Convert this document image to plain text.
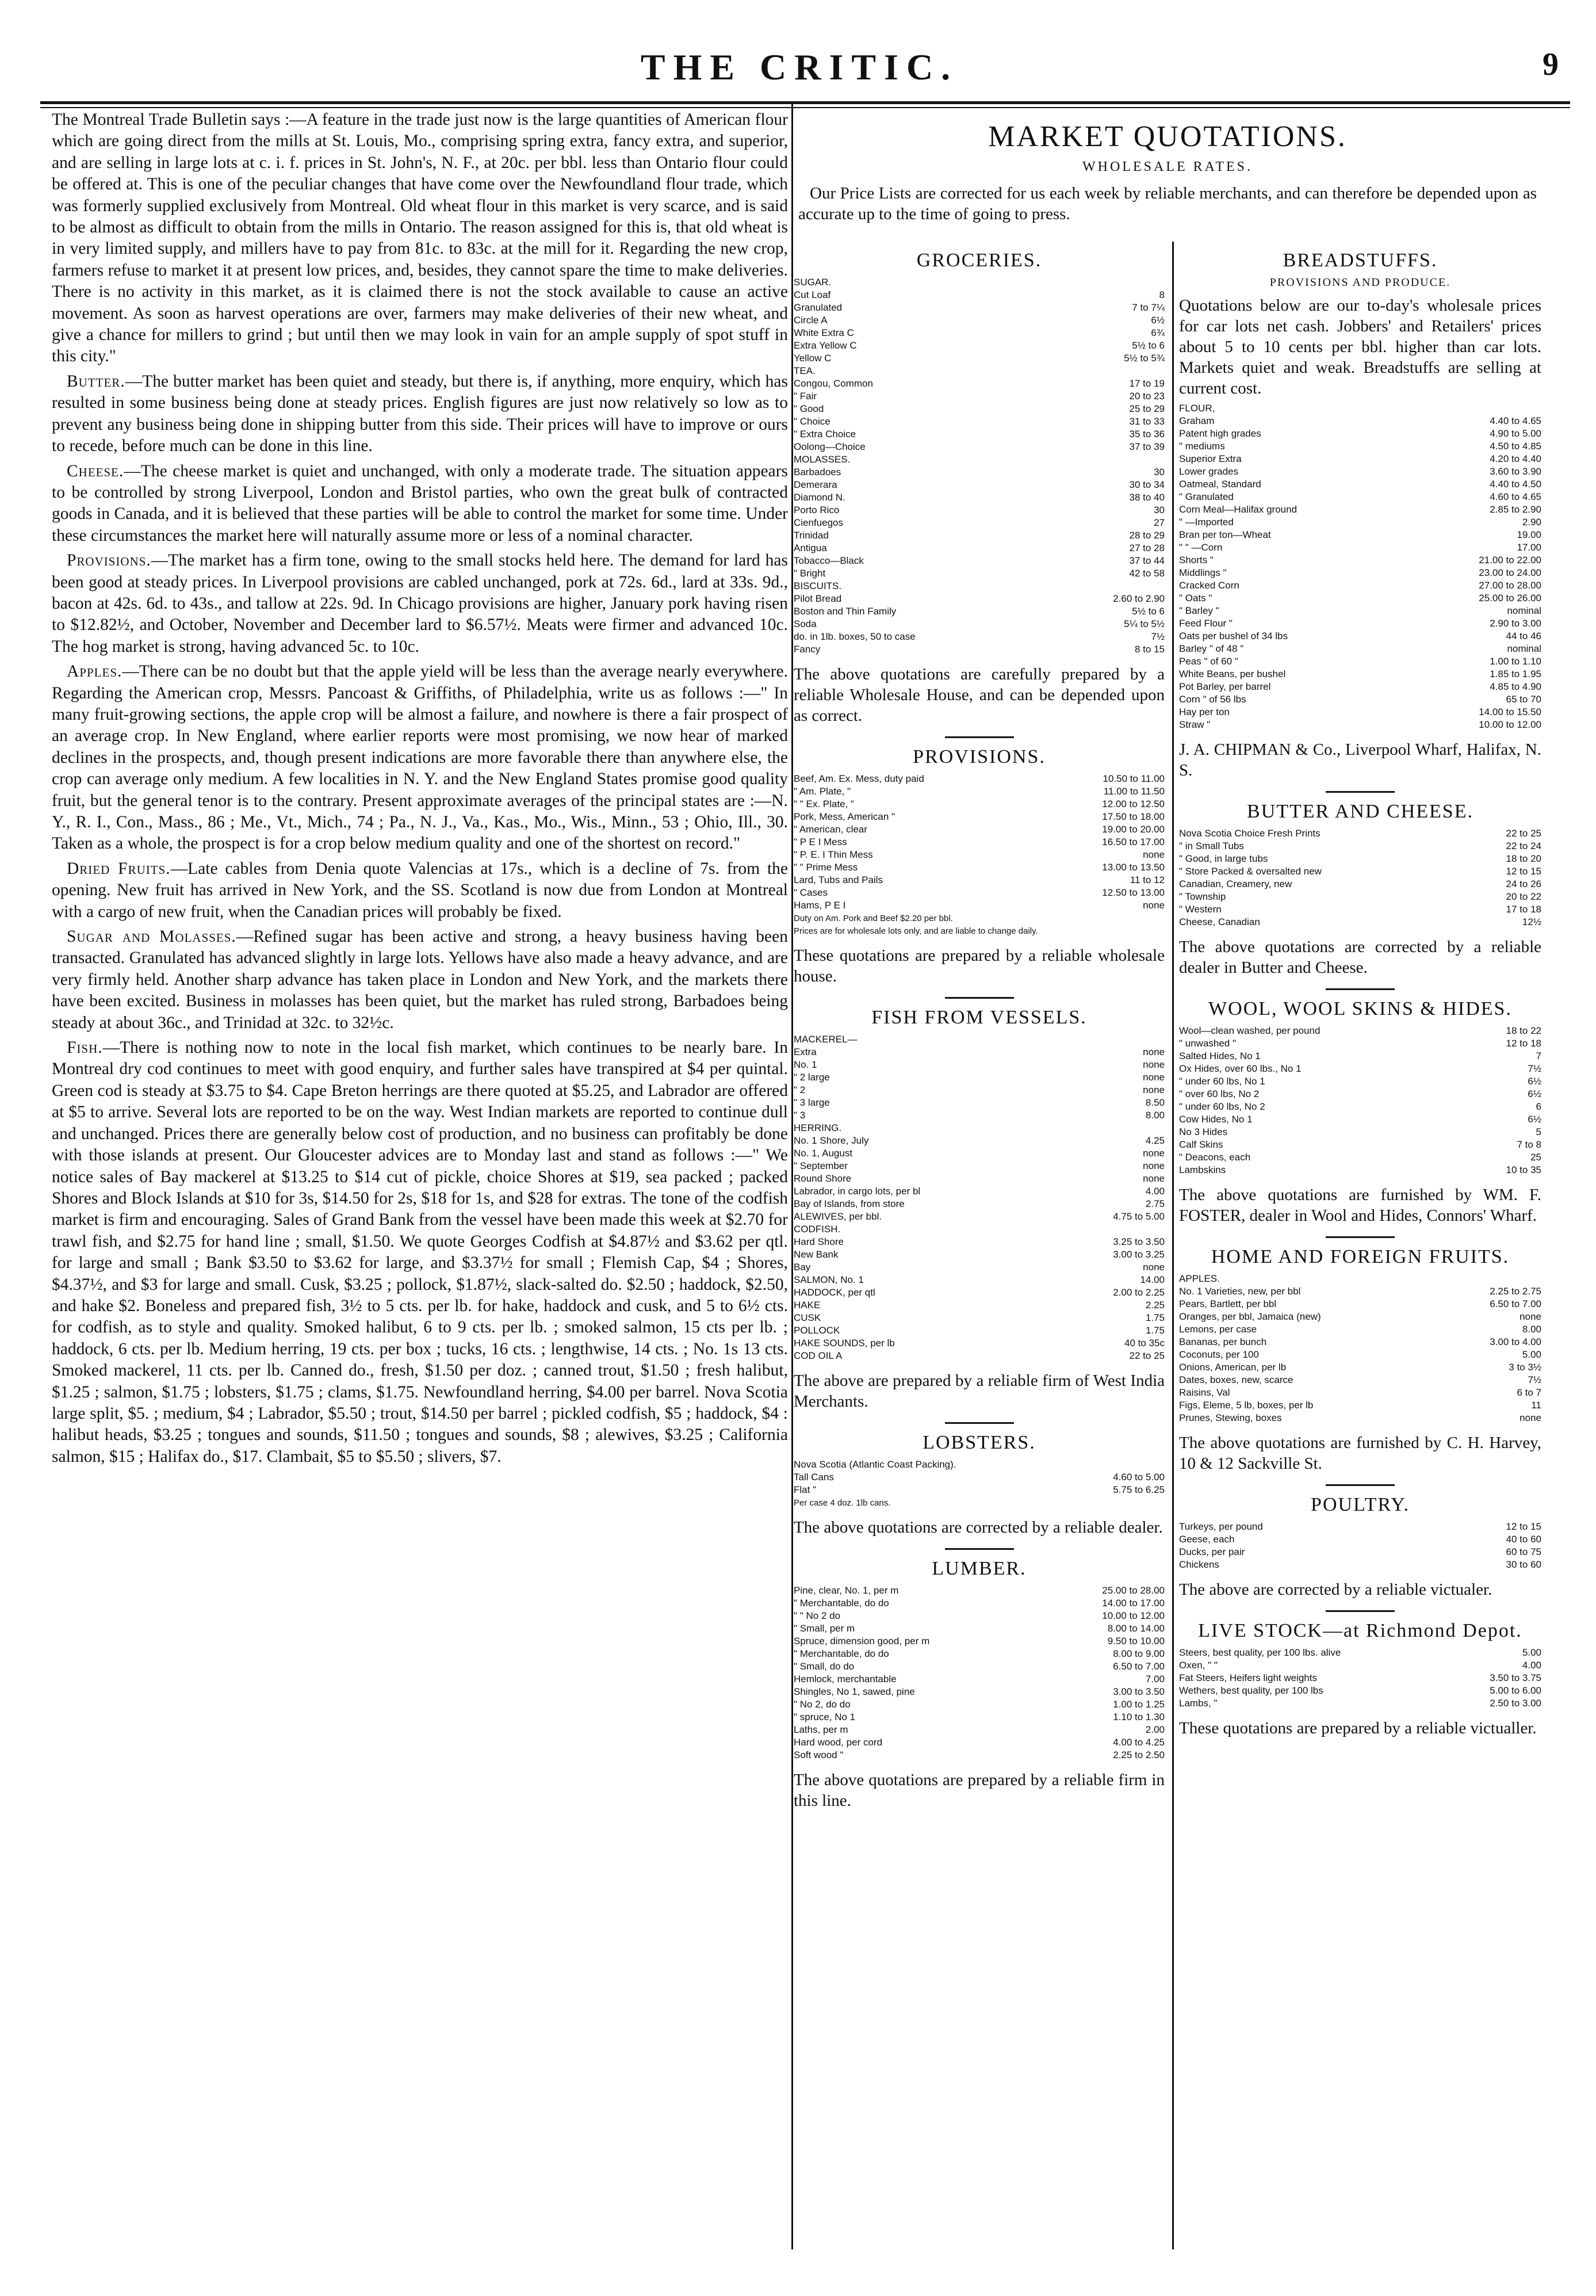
THE CRITIC.	9

The Montreal Trade Bulletin says :—A feature in the trade just now is the large quantities of American flour which are going direct from the mills at St. Louis, Mo., comprising spring extra, fancy extra, and superior, and are selling in large lots at c. i. f. prices in St. John's, N. F., at 20c. per bbl. less than Ontario flour could be offered at. This is one of the peculiar changes that have come over the Newfoundland flour trade, which was formerly supplied exclusively from Montreal. Old wheat flour in this market is very scarce, and is said to be almost as difficult to obtain from the mills in Ontario. The reason assigned for this is, that old wheat is in very limited supply, and millers have to pay from 81c. to 83c. at the mill for it. Regarding the new crop, farmers refuse to market it at present low prices, and, besides, they cannot spare the time to make deliveries. There is no activity in this market, as it is claimed there is not the stock available to cause an active movement. As soon as harvest operations are over, farmers may make deliveries of their new wheat, and give a chance for millers to grind ; but until then we may look in vain for an ample supply of spot stuff in this city."

Butter.—The butter market has been quiet and steady, but there is, if anything, more enquiry, which has resulted in some business being done at steady prices. English figures are just now relatively so low as to prevent any business being done in shipping butter from this side. Their prices will have to improve or ours to recede, before much can be done in this line.

Cheese.—The cheese market is quiet and unchanged, with only a moderate trade. The situation appears to be controlled by strong Liverpool, London and Bristol parties, who own the great bulk of contracted goods in Canada, and it is believed that these parties will be able to control the market for some time. Under these circumstances the market here will naturally assume more or less of a nominal character.

Provisions.—The market has a firm tone, owing to the small stocks held here. The demand for lard has been good at steady prices. In Liverpool provisions are cabled unchanged, pork at 72s. 6d., lard at 33s. 9d., bacon at 42s. 6d. to 43s., and tallow at 22s. 9d. In Chicago provisions are higher, January pork having risen to $12.82½, and October, November and December lard to $6.57½. Meats were firmer and advanced 10c. The hog market is strong, having advanced 5c. to 10c.

Apples.—There can be no doubt but that the apple yield will be less than the average nearly everywhere. Regarding the American crop, Messrs. Pancoast & Griffiths, of Philadelphia, write us as follows :—" In many fruit-growing sections, the apple crop will be almost a failure, and nowhere is there a fair prospect of an average crop. In New England, where earlier reports were most promising, we now hear of marked declines in the prospects, and, though present indications are more favorable there than anywhere else, the crop can average only medium. A few localities in N. Y. and the New England States promise good quality fruit, but the general tenor is to the contrary. Present approximate averages of the principal states are :—N. Y., R. I., Con., Mass., 86 ; Me., Vt., Mich., 74 ; Pa., N. J., Va., Kas., Mo., Wis., Minn., 53 ; Ohio, Ill., 30. Taken as a whole, the prospect is for a crop below medium quality and one of the shortest on record."

Dried Fruits.—Late cables from Denia quote Valencias at 17s., which is a decline of 7s. from the opening. New fruit has arrived in New York, and the SS. Scotland is now due from London at Montreal with a cargo of new fruit, when the Canadian prices will probably be fixed.

Sugar and Molasses.—Refined sugar has been active and strong, a heavy business having been transacted. Granulated has advanced slightly in large lots. Yellows have also made a heavy advance, and are very firmly held. Another sharp advance has taken place in London and New York, and the markets there have been excited. Business in molasses has been quiet, but the market has ruled strong, Barbadoes being steady at about 36c., and Trinidad at 32c. to 32½c.

Fish.—There is nothing now to note in the local fish market, which continues to be nearly bare. In Montreal dry cod continues to meet with good enquiry, and further sales have transpired at $4 per quintal. Green cod is steady at $3.75 to $4. Cape Breton herrings are there quoted at $5.25, and Labrador are offered at $5 to arrive. Several lots are reported to be on the way. West Indian markets are reported to continue dull and unchanged. Prices there are generally below cost of production, and no business can profitably be done with those islands at present. Our Gloucester advices are to Monday last and stand as follows :—" We notice sales of Bay mackerel at $13.25 to $14 cut of pickle, choice Shores at $19, sea packed ; packed Shores and Block Islands at $10 for 3s, $14.50 for 2s, $18 for 1s, and $28 for extras. The tone of the codfish market is firm and encouraging. Sales of Grand Bank from the vessel have been made this week at $2.70 for trawl fish, and $2.75 for hand line ; small, $1.50. We quote Georges Codfish at $4.87½ and $3.62 per qtl. for large and small ; Bank $3.50 to $3.62 for large, and $3.37½ for small ; Flemish Cap, $4 ; Shores, $4.37½, and $3 for large and small. Cusk, $3.25 ; pollock, $1.87½, slack-salted do. $2.50 ; haddock, $2.50, and hake $2. Boneless and prepared fish, 3½ to 5 cts. per lb. for hake, haddock and cusk, and 5 to 6½ cts. for codfish, as to style and quality. Smoked halibut, 6 to 9 cts. per lb. ; smoked salmon, 15 cts per lb. ; haddock, 6 cts. per lb. Medium herring, 19 cts. per box ; tucks, 16 cts. ; lengthwise, 14 cts. ; No. 1s 13 cts. Smoked mackerel, 11 cts. per lb. Canned do., fresh, $1.50 per doz. ; canned trout, $1.50 ; fresh halibut, $1.25 ; salmon, $1.75 ; lobsters, $1.75 ; clams, $1.75. Newfoundland herring, $4.00 per barrel. Nova Scotia large split, $5. ; medium, $4 ; Labrador, $5.50 ; trout, $14.50 per barrel ; pickled codfish, $5 ; haddock, $4 : halibut heads, $3.25 ; tongues and sounds, $11.50 ; tongues and sounds, $8 ; alewives, $3.25 ; California salmon, $15 ; Halifax do., $17. Clambait, $5 to $5.50 ; slivers, $7.

MARKET QUOTATIONS.
WHOLESALE RATES.
Our Price Lists are corrected for us each week by reliable merchants, and can therefore be depended upon as accurate up to the time of going to press.
GROCERIES.
SUGAR.	
Cut Loaf	8
Granulated	7 to 7¼
Circle A	6½
White Extra C	6¾
Extra Yellow C	5½ to 6
Yellow C	5½ to 5¾
TEA.	
Congou, Common	17 to 19
" Fair	20 to 23
" Good	25 to 29
" Choice	31 to 33
" Extra Choice	35 to 36
Oolong—Choice	37 to 39
MOLASSES.	
Barbadoes	30
Demerara	30 to 34
Diamond N.	38 to 40
Porto Rico	30
Cienfuegos	27
Trinidad	28 to 29
Antigua	27 to 28
Tobacco—Black	37 to 44
" Bright	42 to 58
BISCUITS.	
Pilot Bread	2.60 to 2.90
Boston and Thin Family	5½ to 6
Soda	5¼ to 5½
do. in 1lb. boxes, 50 to case	7½
Fancy	8 to 15
The above quotations are carefully prepared by a reliable Wholesale House, and can be depended upon as correct.
PROVISIONS.
Beef, Am. Ex. Mess, duty paid	10.50 to 11.00
" Am. Plate, "	11.00 to 11.50
" " Ex. Plate, "	12.00 to 12.50
Pork, Mess, American "	17.50 to 18.00
" American, clear	19.00 to 20.00
" P E I Mess	16.50 to 17.00
" P. E. I Thin Mess	none
" " Prime Mess	13.00 to 13.50
Lard, Tubs and Pails	11 to 12
" Cases	12.50 to 13.00
Hams, P E I	none
Duty on Am. Pork and Beef $2.20 per bbl.
Prices are for wholesale lots only, and are liable to change daily.
These quotations are prepared by a reliable wholesale house.
FISH FROM VESSELS.
MACKEREL—	
Extra	none
No. 1	none
" 2 large	none
" 2	none
" 3 large	8.50
" 3	8.00
HERRING.	
No. 1 Shore, July	4.25
No. 1, August	none
" September	none
Round Shore	none
Labrador, in cargo lots, per bl	4.00
Bay of Islands, from store	2.75
ALEWIVES, per bbl.	4.75 to 5.00
CODFISH.	
Hard Shore	3.25 to 3.50
New Bank	3.00 to 3.25
Bay	none
SALMON, No. 1	14.00
HADDOCK, per qtl	2.00 to 2.25
HAKE	2.25
CUSK	1.75
POLLOCK	1.75
HAKE SOUNDS, per lb	40 to 35c
COD OIL A	22 to 25
The above are prepared by a reliable firm of West India Merchants.
LOBSTERS.
Nova Scotia (Atlantic Coast Packing).	
Tall Cans	4.60 to 5.00
Flat "	5.75 to 6.25
Per case 4 doz. 1lb cans.
The above quotations are corrected by a reliable dealer.
LUMBER.
Pine, clear, No. 1, per m	25.00 to 28.00
" Merchantable, do do	14.00 to 17.00
" " No 2 do	10.00 to 12.00
" Small, per m	8.00 to 14.00
Spruce, dimension good, per m	9.50 to 10.00
" Merchantable, do do	8.00 to 9.00
" Small, do do	6.50 to 7.00
Hemlock, merchantable	7.00
Shingles, No 1, sawed, pine	3.00 to 3.50
" No 2, do do	1.00 to 1.25
" spruce, No 1	1.10 to 1.30
Laths, per m	2.00
Hard wood, per cord	4.00 to 4.25
Soft wood "	2.25 to 2.50
The above quotations are prepared by a reliable firm in this line.
BREADSTUFFS.
PROVISIONS AND PRODUCE.
Quotations below are our to-day's wholesale prices for car lots net cash. Jobbers' and Retailers' prices about 5 to 10 cents per bbl. higher than car lots. Markets quiet and weak. Breadstuffs are selling at current cost.
FLOUR,	
Graham	4.40 to 4.65
Patent high grades	4.90 to 5.00
" mediums	4.50 to 4.85
Superior Extra	4.20 to 4.40
Lower grades	3.60 to 3.90
Oatmeal, Standard	4.40 to 4.50
" Granulated	4.60 to 4.65
Corn Meal—Halifax ground	2.85 to 2.90
" —Imported	2.90
Bran per ton—Wheat	19.00
" " —Corn	17.00
Shorts "	21.00 to 22.00
Middlings "	23.00 to 24.00
Cracked Corn	27.00 to 28.00
" Oats "	25.00 to 26.00
" Barley "	nominal
Feed Flour "	2.90 to 3.00
Oats per bushel of 34 lbs	44 to 46
Barley " of 48 "	nominal
Peas " of 60 "	1.00 to 1.10
White Beans, per bushel	1.85 to 1.95
Pot Barley, per barrel	4.85 to 4.90
Corn " of 56 lbs	65 to 70
Hay per ton	14.00 to 15.50
Straw "	10.00 to 12.00
J. A. CHIPMAN & Co., Liverpool Wharf, Halifax, N. S.
BUTTER AND CHEESE.
Nova Scotia Choice Fresh Prints	22 to 25
" in Small Tubs	22 to 24
" Good, in large tubs	18 to 20
" Store Packed & oversalted new	12 to 15
Canadian, Creamery, new	24 to 26
" Township	20 to 22
" Western	17 to 18
Cheese, Canadian	12½
The above quotations are corrected by a reliable dealer in Butter and Cheese.
WOOL, WOOL SKINS & HIDES.
Wool—clean washed, per pound	18 to 22
" unwashed "	12 to 18
Salted Hides, No 1	7
Ox Hides, over 60 lbs., No 1	7½
" under 60 lbs, No 1	6½
" over 60 lbs, No 2	6½
" under 60 lbs, No 2	6
Cow Hides, No 1	6½
No 3 Hides	5
Calf Skins	7 to 8
" Deacons, each	25
Lambskins	10 to 35
The above quotations are furnished by WM. F. FOSTER, dealer in Wool and Hides, Connors' Wharf.
HOME AND FOREIGN FRUITS.
APPLES.	
No. 1 Varieties, new, per bbl	2.25 to 2.75
Pears, Bartlett, per bbl	6.50 to 7.00
Oranges, per bbl, Jamaica (new)	none
Lemons, per case	8.00
Bananas, per bunch	3.00 to 4.00
Coconuts, per 100	5.00
Onions, American, per lb	3 to 3½
Dates, boxes, new, scarce	7½
Raisins, Val	6 to 7
Figs, Eleme, 5 lb, boxes, per lb	11
Prunes, Stewing, boxes	none
The above quotations are furnished by C. H. Harvey, 10 & 12 Sackville St.
POULTRY.
Turkeys, per pound	12 to 15
Geese, each	40 to 60
Ducks, per pair	60 to 75
Chickens	30 to 60
The above are corrected by a reliable victualer.
LIVE STOCK—at Richmond Depot.
Steers, best quality, per 100 lbs. alive	5.00
Oxen, " "	4.00
Fat Steers, Heifers light weights	3.50 to 3.75
Wethers, best quality, per 100 lbs	5.00 to 6.00
Lambs, "	2.50 to 3.00
These quotations are prepared by a reliable victualler.
